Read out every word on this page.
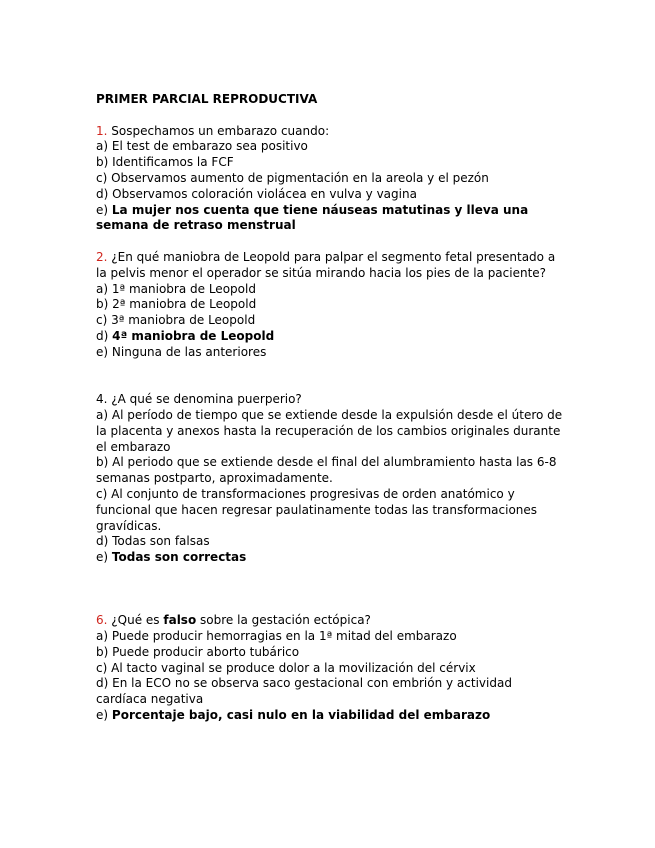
PRIMER PARCIAL REPRODUCTIVA

1. Sospechamos un embarazo cuando:
a) El test de embarazo sea positivo
b) Identificamos la FCF
c) Observamos aumento de pigmentación en la areola y el pezón
d) Observamos coloración violácea en vulva y vagina
e) La mujer nos cuenta que tiene náuseas matutinas y lleva una semana de retraso menstrual
2. ¿En qué maniobra de Leopold para palpar el segmento fetal presentado a la pelvis menor el operador se sitúa mirando hacia los pies de la paciente?
a) 1ª maniobra de Leopold
b) 2ª maniobra de Leopold
c) 3ª maniobra de Leopold
d) 4ª maniobra de Leopold
e) Ninguna de las anteriores
4. ¿A qué se denomina puerperio?
a) Al período de tiempo que se extiende desde la expulsión desde el útero de la placenta y anexos hasta la recuperación de los cambios originales durante el embarazo
b) Al periodo que se extiende desde el final del alumbramiento hasta las 6-8 semanas postparto, aproximadamente.
c) Al conjunto de transformaciones progresivas de orden anatómico y funcional que hacen regresar paulatinamente todas las transformaciones gravídicas.
d) Todas son falsas
e) Todas son correctas
6. ¿Qué es falso sobre la gestación ectópica?
a) Puede producir hemorragias en la 1ª mitad del embarazo
b) Puede producir aborto tubárico
c) Al tacto vaginal se produce dolor a la movilización del cérvix
d) En la ECO no se observa saco gestacional con embrión y actividad cardíaca negativa
e) Porcentaje bajo, casi nulo en la viabilidad del embarazo
